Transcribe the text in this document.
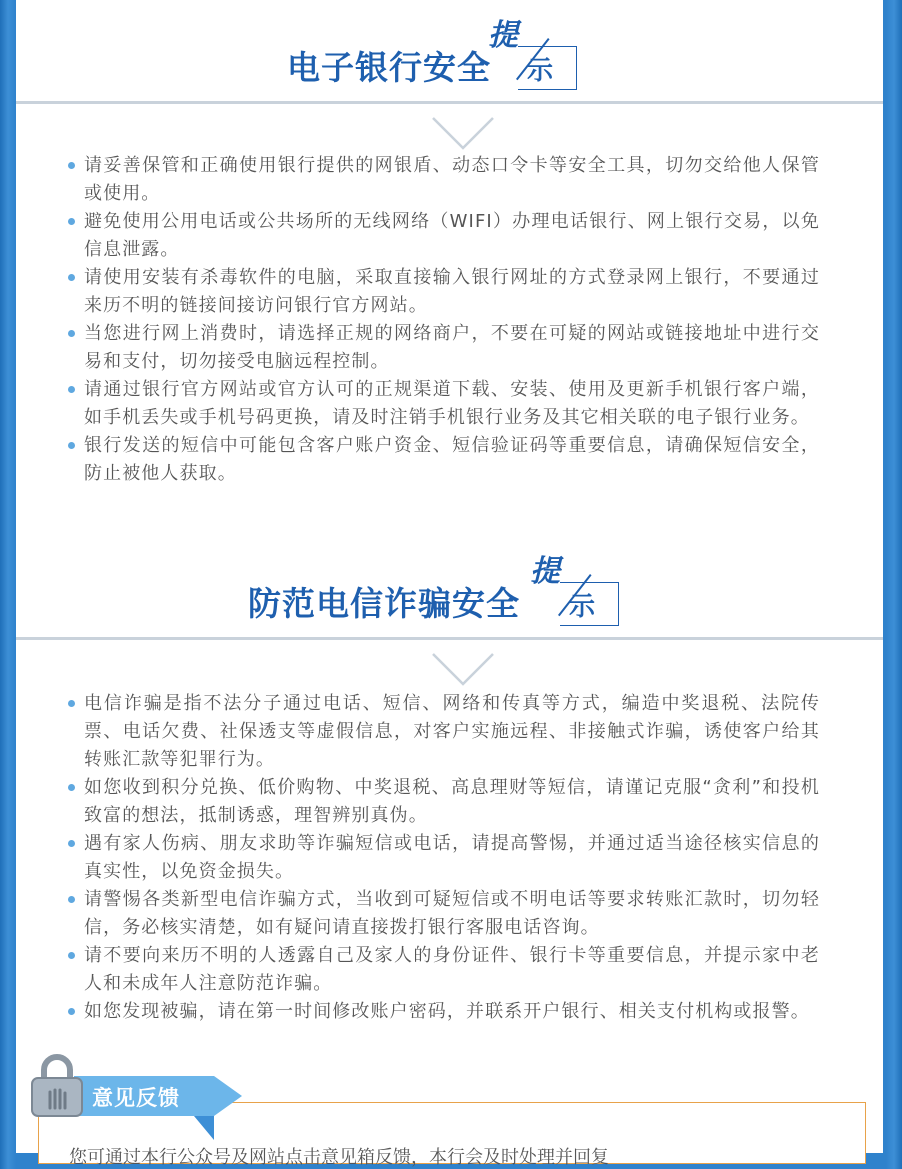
电子银行安全
提
示
请妥善保管和正确使用银行提供的网银盾、动态口令卡等安全工具，切勿交给他人保管或使用。
避免使用公用电话或公共场所的无线网络（WIFI）办理电话银行、网上银行交易，以免信息泄露。
请使用安装有杀毒软件的电脑，采取直接输入银行网址的方式登录网上银行，不要通过来历不明的链接间接访问银行官方网站。
当您进行网上消费时，请选择正规的网络商户，不要在可疑的网站或链接地址中进行交易和支付，切勿接受电脑远程控制。
请通过银行官方网站或官方认可的正规渠道下载、安装、使用及更新手机银行客户端，如手机丢失或手机号码更换，请及时注销手机银行业务及其它相关联的电子银行业务。
银行发送的短信中可能包含客户账户资金、短信验证码等重要信息，请确保短信安全，防止被他人获取。
防范电信诈骗安全
提
示
电信诈骗是指不法分子通过电话、短信、网络和传真等方式，编造中奖退税、法院传票、电话欠费、社保透支等虚假信息，对客户实施远程、非接触式诈骗，诱使客户给其转账汇款等犯罪行为。
如您收到积分兑换、低价购物、中奖退税、高息理财等短信，请谨记克服“贪利”和投机致富的想法，抵制诱惑，理智辨别真伪。
遇有家人伤病、朋友求助等诈骗短信或电话，请提高警惕，并通过适当途径核实信息的真实性，以免资金损失。
请警惕各类新型电信诈骗方式，当收到可疑短信或不明电话等要求转账汇款时，切勿轻信，务必核实清楚，如有疑问请直接拨打银行客服电话咨询。
请不要向来历不明的人透露自己及家人的身份证件、银行卡等重要信息，并提示家中老人和未成年人注意防范诈骗。
如您发现被骗，请在第一时间修改账户密码，并联系开户银行、相关支付机构或报警。
您可通过本行公众号及网站点击意见箱反馈，本行会及时处理并回复
意见反馈
